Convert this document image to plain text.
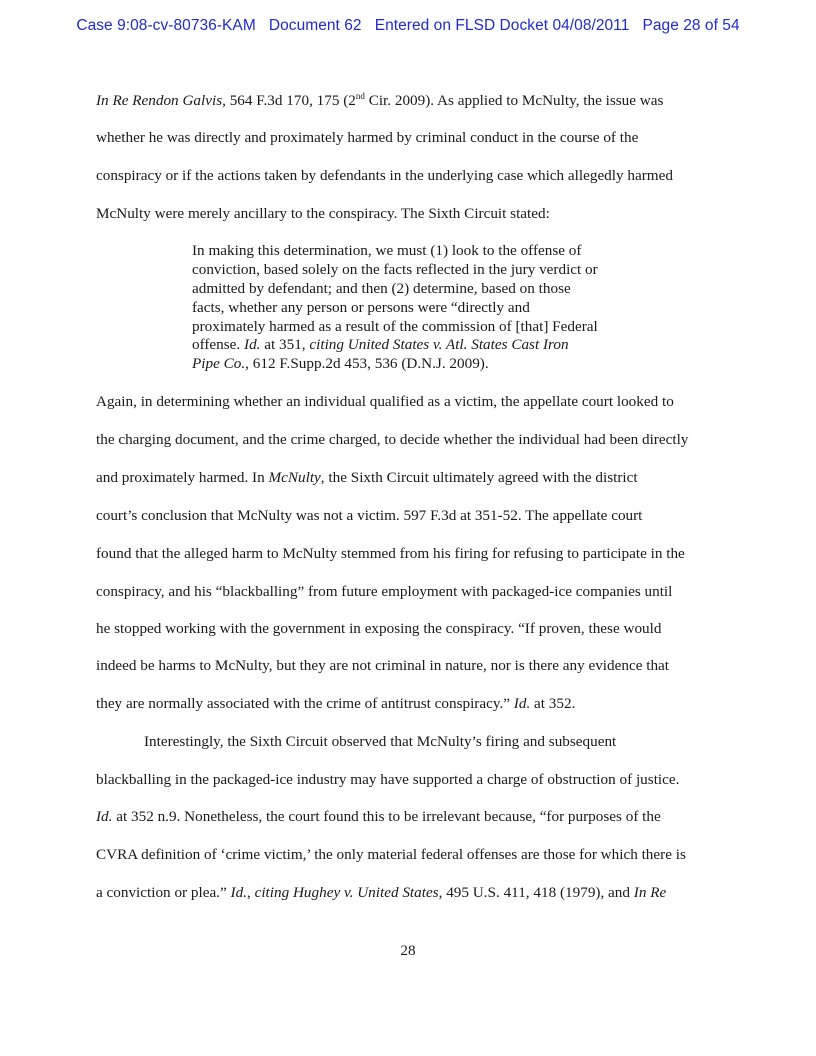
Case 9:08-cv-80736-KAM Document 62 Entered on FLSD Docket 04/08/2011 Page 28 of 54
In Re Rendon Galvis, 564 F.3d 170, 175 (2nd Cir. 2009). As applied to McNulty, the issue was
whether he was directly and proximately harmed by criminal conduct in the course of the
conspiracy or if the actions taken by defendants in the underlying case which allegedly harmed
McNulty were merely ancillary to the conspiracy. The Sixth Circuit stated:
In making this determination, we must (1) look to the offense of
conviction, based solely on the facts reflected in the jury verdict or
admitted by defendant; and then (2) determine, based on those
facts, whether any person or persons were “directly and
proximately harmed as a result of the commission of [that] Federal
offense. Id. at 351, citing United States v. Atl. States Cast Iron
Pipe Co., 612 F.Supp.2d 453, 536 (D.N.J. 2009).
Again, in determining whether an individual qualified as a victim, the appellate court looked to
the charging document, and the crime charged, to decide whether the individual had been directly
and proximately harmed. In McNulty, the Sixth Circuit ultimately agreed with the district
court’s conclusion that McNulty was not a victim. 597 F.3d at 351-52. The appellate court
found that the alleged harm to McNulty stemmed from his firing for refusing to participate in the
conspiracy, and his “blackballing” from future employment with packaged-ice companies until
he stopped working with the government in exposing the conspiracy. “If proven, these would
indeed be harms to McNulty, but they are not criminal in nature, nor is there any evidence that
they are normally associated with the crime of antitrust conspiracy.” Id. at 352.
Interestingly, the Sixth Circuit observed that McNulty’s firing and subsequent
blackballing in the packaged-ice industry may have supported a charge of obstruction of justice.
Id. at 352 n.9. Nonetheless, the court found this to be irrelevant because, “for purposes of the
CVRA definition of ‘crime victim,’ the only material federal offenses are those for which there is
a conviction or plea.” Id., citing Hughey v. United States, 495 U.S. 411, 418 (1979), and In Re
28
